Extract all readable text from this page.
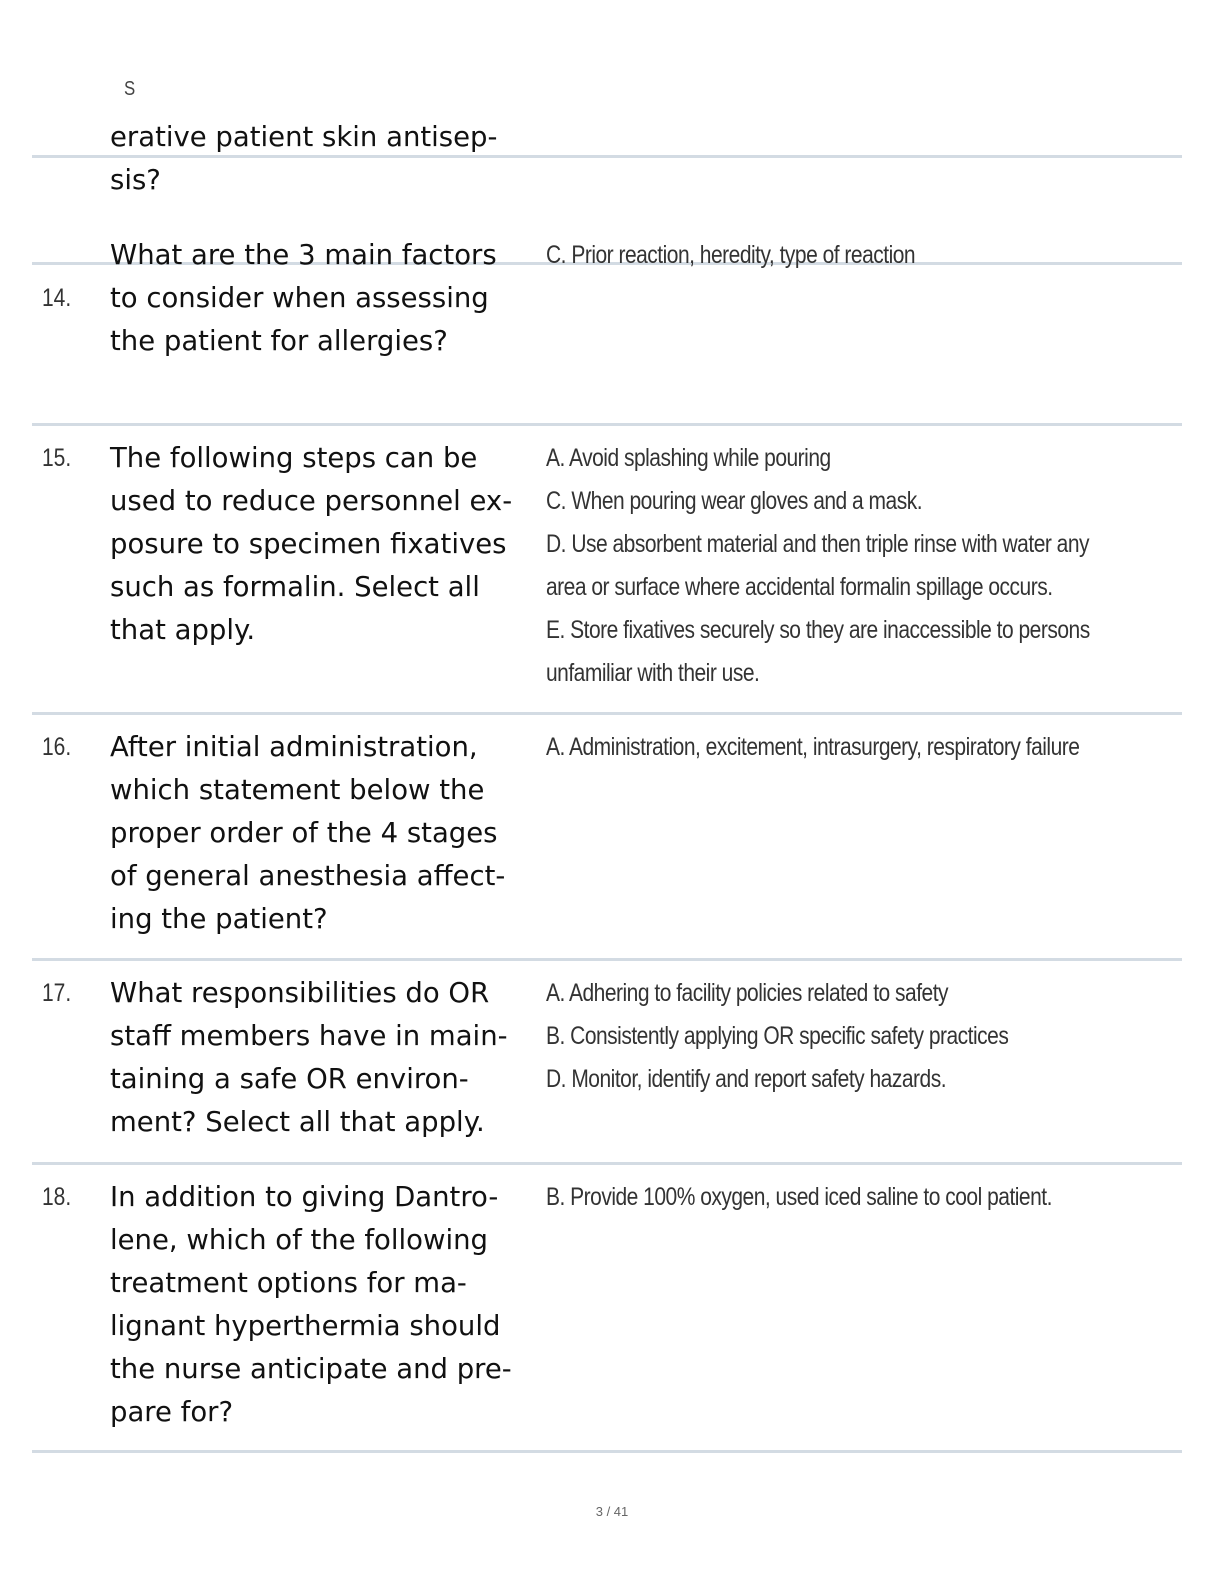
S
erative patient skin antisep-
sis?
14.
What are the 3 main factors
to consider when assessing
the patient for allergies?
C. Prior reaction, heredity, type of reaction
15. The following steps can be
used to reduce personnel ex-
posure to specimen fixatives
such as formalin. Select all
that apply.
A. Avoid splashing while pouring
C. When pouring wear gloves and a mask.
D. Use absorbent material and then triple rinse with water any
area or surface where accidental formalin spillage occurs.
E. Store fixatives securely so they are inaccessible to persons
unfamiliar with their use.
16. After initial administration,
which statement below the
proper order of the 4 stages
of general anesthesia affect-
ing the patient?
A. Administration, excitement, intrasurgery, respiratory failure
17. What responsibilities do OR
staff members have in main-
taining a safe OR environ-
ment? Select all that apply.
A. Adhering to facility policies related to safety
B. Consistently applying OR specific safety practices
D. Monitor, identify and report safety hazards.
18. In addition to giving Dantro-
lene, which of the following
treatment options for ma-
lignant hyperthermia should
the nurse anticipate and pre-
pare for?
B. Provide 100% oxygen, used iced saline to cool patient.
3 / 41
